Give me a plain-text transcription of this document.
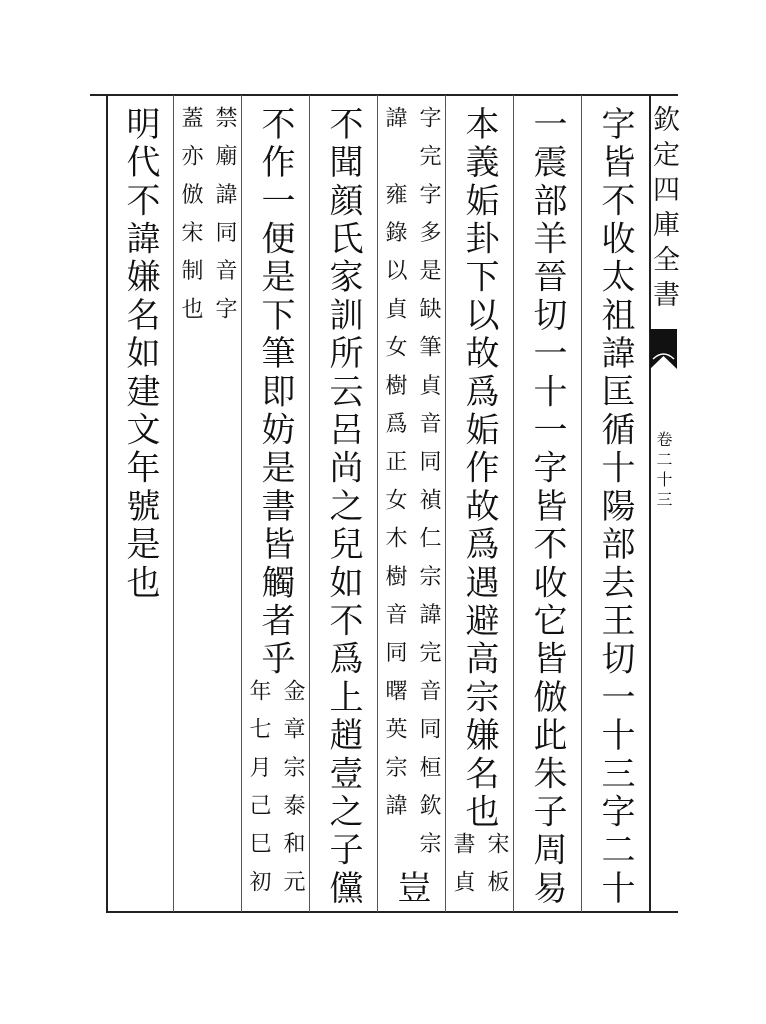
欽定四庫全書
卷二十三
字皆不收太祖諱匡循十陽部去王切一十三字二十
一震部羊晉切一十一字皆不收它皆倣此朱子周易
本義姤卦下以故爲姤作故爲遇避高宗嫌名也
宋板
書貞
字完字多是缺筆貞音同禎仁宗諱完音同桓欽宗
諱　雍錄以貞女樹爲正女木樹音同曙英宗諱
豈
不聞顔氏家訓所云呂尚之兒如不爲上趙壹之子儻
不作一便是下筆即妨是書皆觸者乎
金章宗泰和元
年七月己巳初
禁廟諱同音字
蓋亦倣宋制也
明代不諱嫌名如建文年號是也
